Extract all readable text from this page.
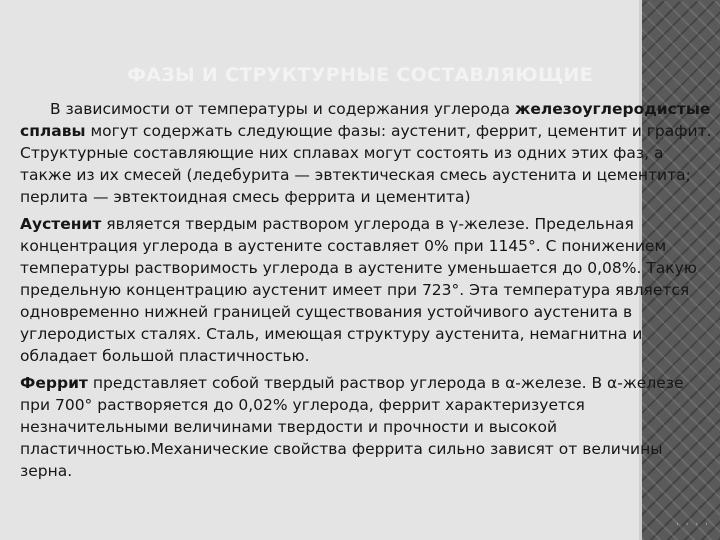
ФАЗЫ И СТРУКТУРНЫЕ СОСТАВЛЯЮЩИЕ

В зависимости от температуры и содержания углерода железоуглеродистые сплавы могут содержать следующие фазы: аустенит, феррит, цементит и графит. Структурные составляющие них сплавах могут состоять из одних этих фаз, а также из их смесей (ледебурита — эвтектическая смесь аустенита и цементита; перлита — эвтектоидная смесь феррита и цементита)

Аустенит является твердым раствором углерода в γ-железе. Предельная концентрация углерода в аустените составляет 0% при 1145°. С понижением температуры растворимость углерода в аустените уменьшается до 0,08%. Такую предельную концентрацию аустенит имеет при 723°. Эта температура является одновременно нижней границей существования устойчивого аустенита в углеродистых сталях. Сталь, имеющая структуру аустенита, немагнитна и обладает большой пластичностью.

Феррит представляет собой твердый раствор углерода в α-железе. В α-железе при 700° растворяется до 0,02% углерода, феррит характеризуется незначительными величинами твердости и прочности и высокой пластичностью.Механические свойства феррита сильно зависят от величины зерна.

· · · ·
